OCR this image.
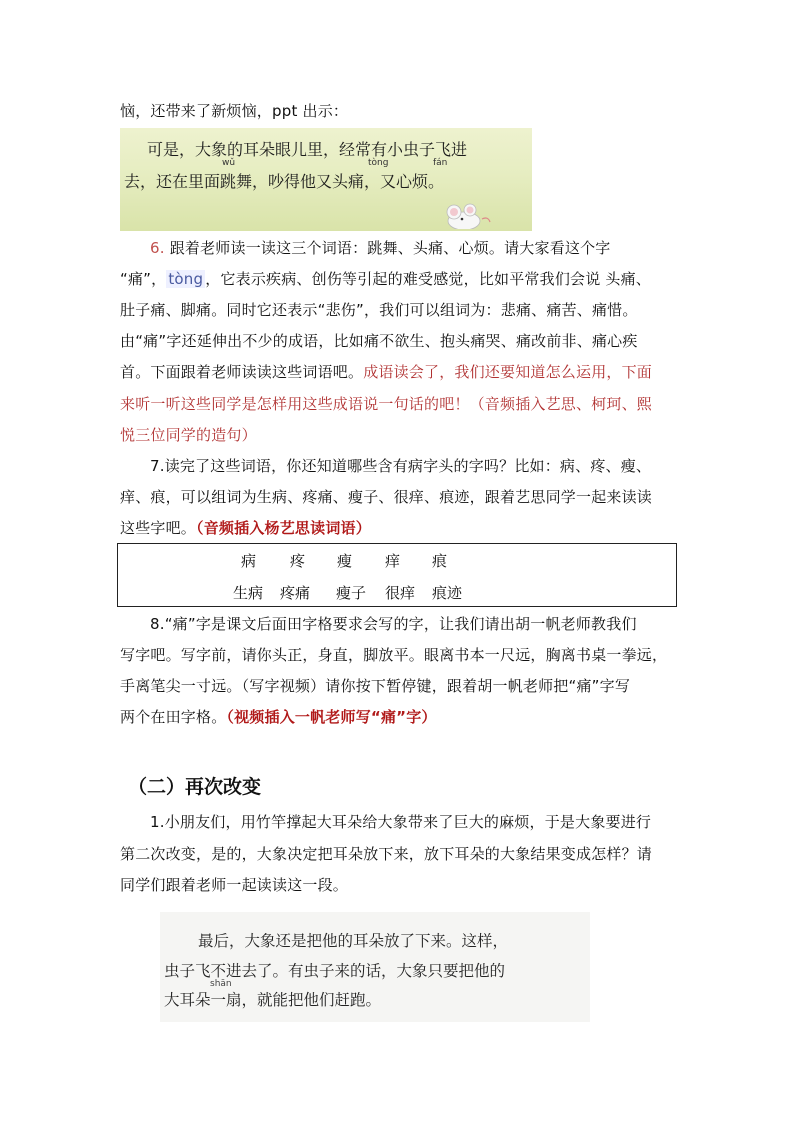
恼，还带来了新烦恼，ppt 出示：
wǔ	tòng	fán
可是，大象的耳朵眼儿里，经常有小虫子飞进
去，还在里面跳舞，吵得他又头痛，又心烦。
6. 跟着老师读一读这三个词语：跳舞、头痛、心烦。请大家看这个字
“痛”， tòng ，它表示疾病、创伤等引起的难受感觉，比如平常我们会说 头痛、
肚子痛、脚痛。同时它还表示“悲伤”，我们可以组词为：悲痛、痛苦、痛惜。
由“痛”字还延伸出不少的成语，比如痛不欲生、抱头痛哭、痛改前非、痛心疾
首。下面跟着老师读读这些词语吧。成语读会了，我们还要知道怎么运用，下面
来听一听这些同学是怎样用这些成语说一句话的吧！（音频插入艺思、柯珂、熙
悦三位同学的造句）
7.读完了这些词语，你还知道哪些含有病字头的字吗？比如：病、疼、瘦、
痒、痕，可以组词为生病、疼痛、瘦子、很痒、痕迹，跟着艺思同学一起来读读
这些字吧。（音频插入杨艺思读词语）
病 疼 瘦 痒 痕
生病 疼痛 瘦子 很痒 痕迹
8.“痛”字是课文后面田字格要求会写的字，让我们请出胡一帆老师教我们
写字吧。写字前，请你头正，身直，脚放平。眼离书本一尺远，胸离书桌一拳远，
手离笔尖一寸远。（写字视频）请你按下暂停键，跟着胡一帆老师把“痛”字写
两个在田字格。（视频插入一帆老师写“痛”字）
（二）再次改变
1.小朋友们，用竹竿撑起大耳朵给大象带来了巨大的麻烦，于是大象要进行
第二次改变，是的，大象决定把耳朵放下来，放下耳朵的大象结果变成怎样？请
同学们跟着老师一起读读这一段。
最后，大象还是把他的耳朵放了下来。这样，
虫子飞不进去了。有虫子来的话，大象只要把他的
shān
大耳朵一扇，就能把他们赶跑。
